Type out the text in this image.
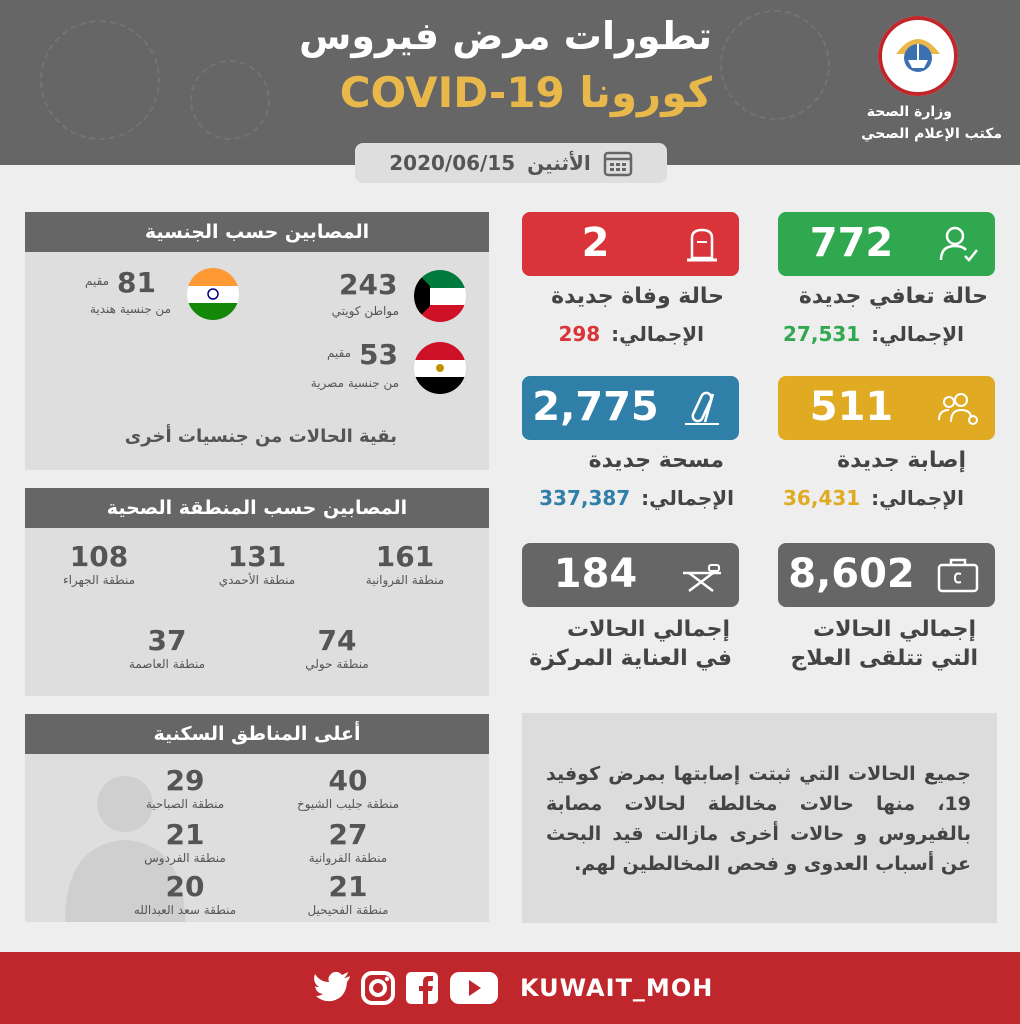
تطورات مرض فيروس
كورونا COVID-19	وزارة الصحة
مكتب الإعلام الصحي
2020/06/15 الأثنين
772
حالة تعافي جديدة
الإجمالي: 27,531
2
حالة وفاة جديدة
الإجمالي: 298
511
إصابة جديدة
الإجمالي: 36,431
2,775
مسحة جديدة
الإجمالي: 337,387
8,602
إجمالي الحالات
التي تتلقى العلاج
184
إجمالي الحالات
في العناية المركزة
المصابين حسب الجنسية
243
مواطن كويتي
81
مقيم
من جنسية هندية
53
مقيم
من جنسية مصرية
بقية الحالات من جنسيات أخرى
المصابين حسب المنطقة الصحية
161
منطقة الفروانية
131
منطقة الأحمدي
108
منطقة الجهراء
74
منطقة حولي
37
منطقة العاصمة
أعلى المناطق السكنية
40
منطقة جليب الشيوخ
29
منطقة الصباحية
27
منطقة الفروانية
21
منطقة الفردوس
21
منطقة الفحيحيل
20
منطقة سعد العبدالله

جميع الحالات التي ثبتت إصابتها بمرض كوفيد 19، منها حالات مخالطة لحالات مصابة بالفيروس و حالات أخرى مازالت قيد البحث عن أسباب العدوى و فحص المخالطين لهم.

KUWAIT_MOH
